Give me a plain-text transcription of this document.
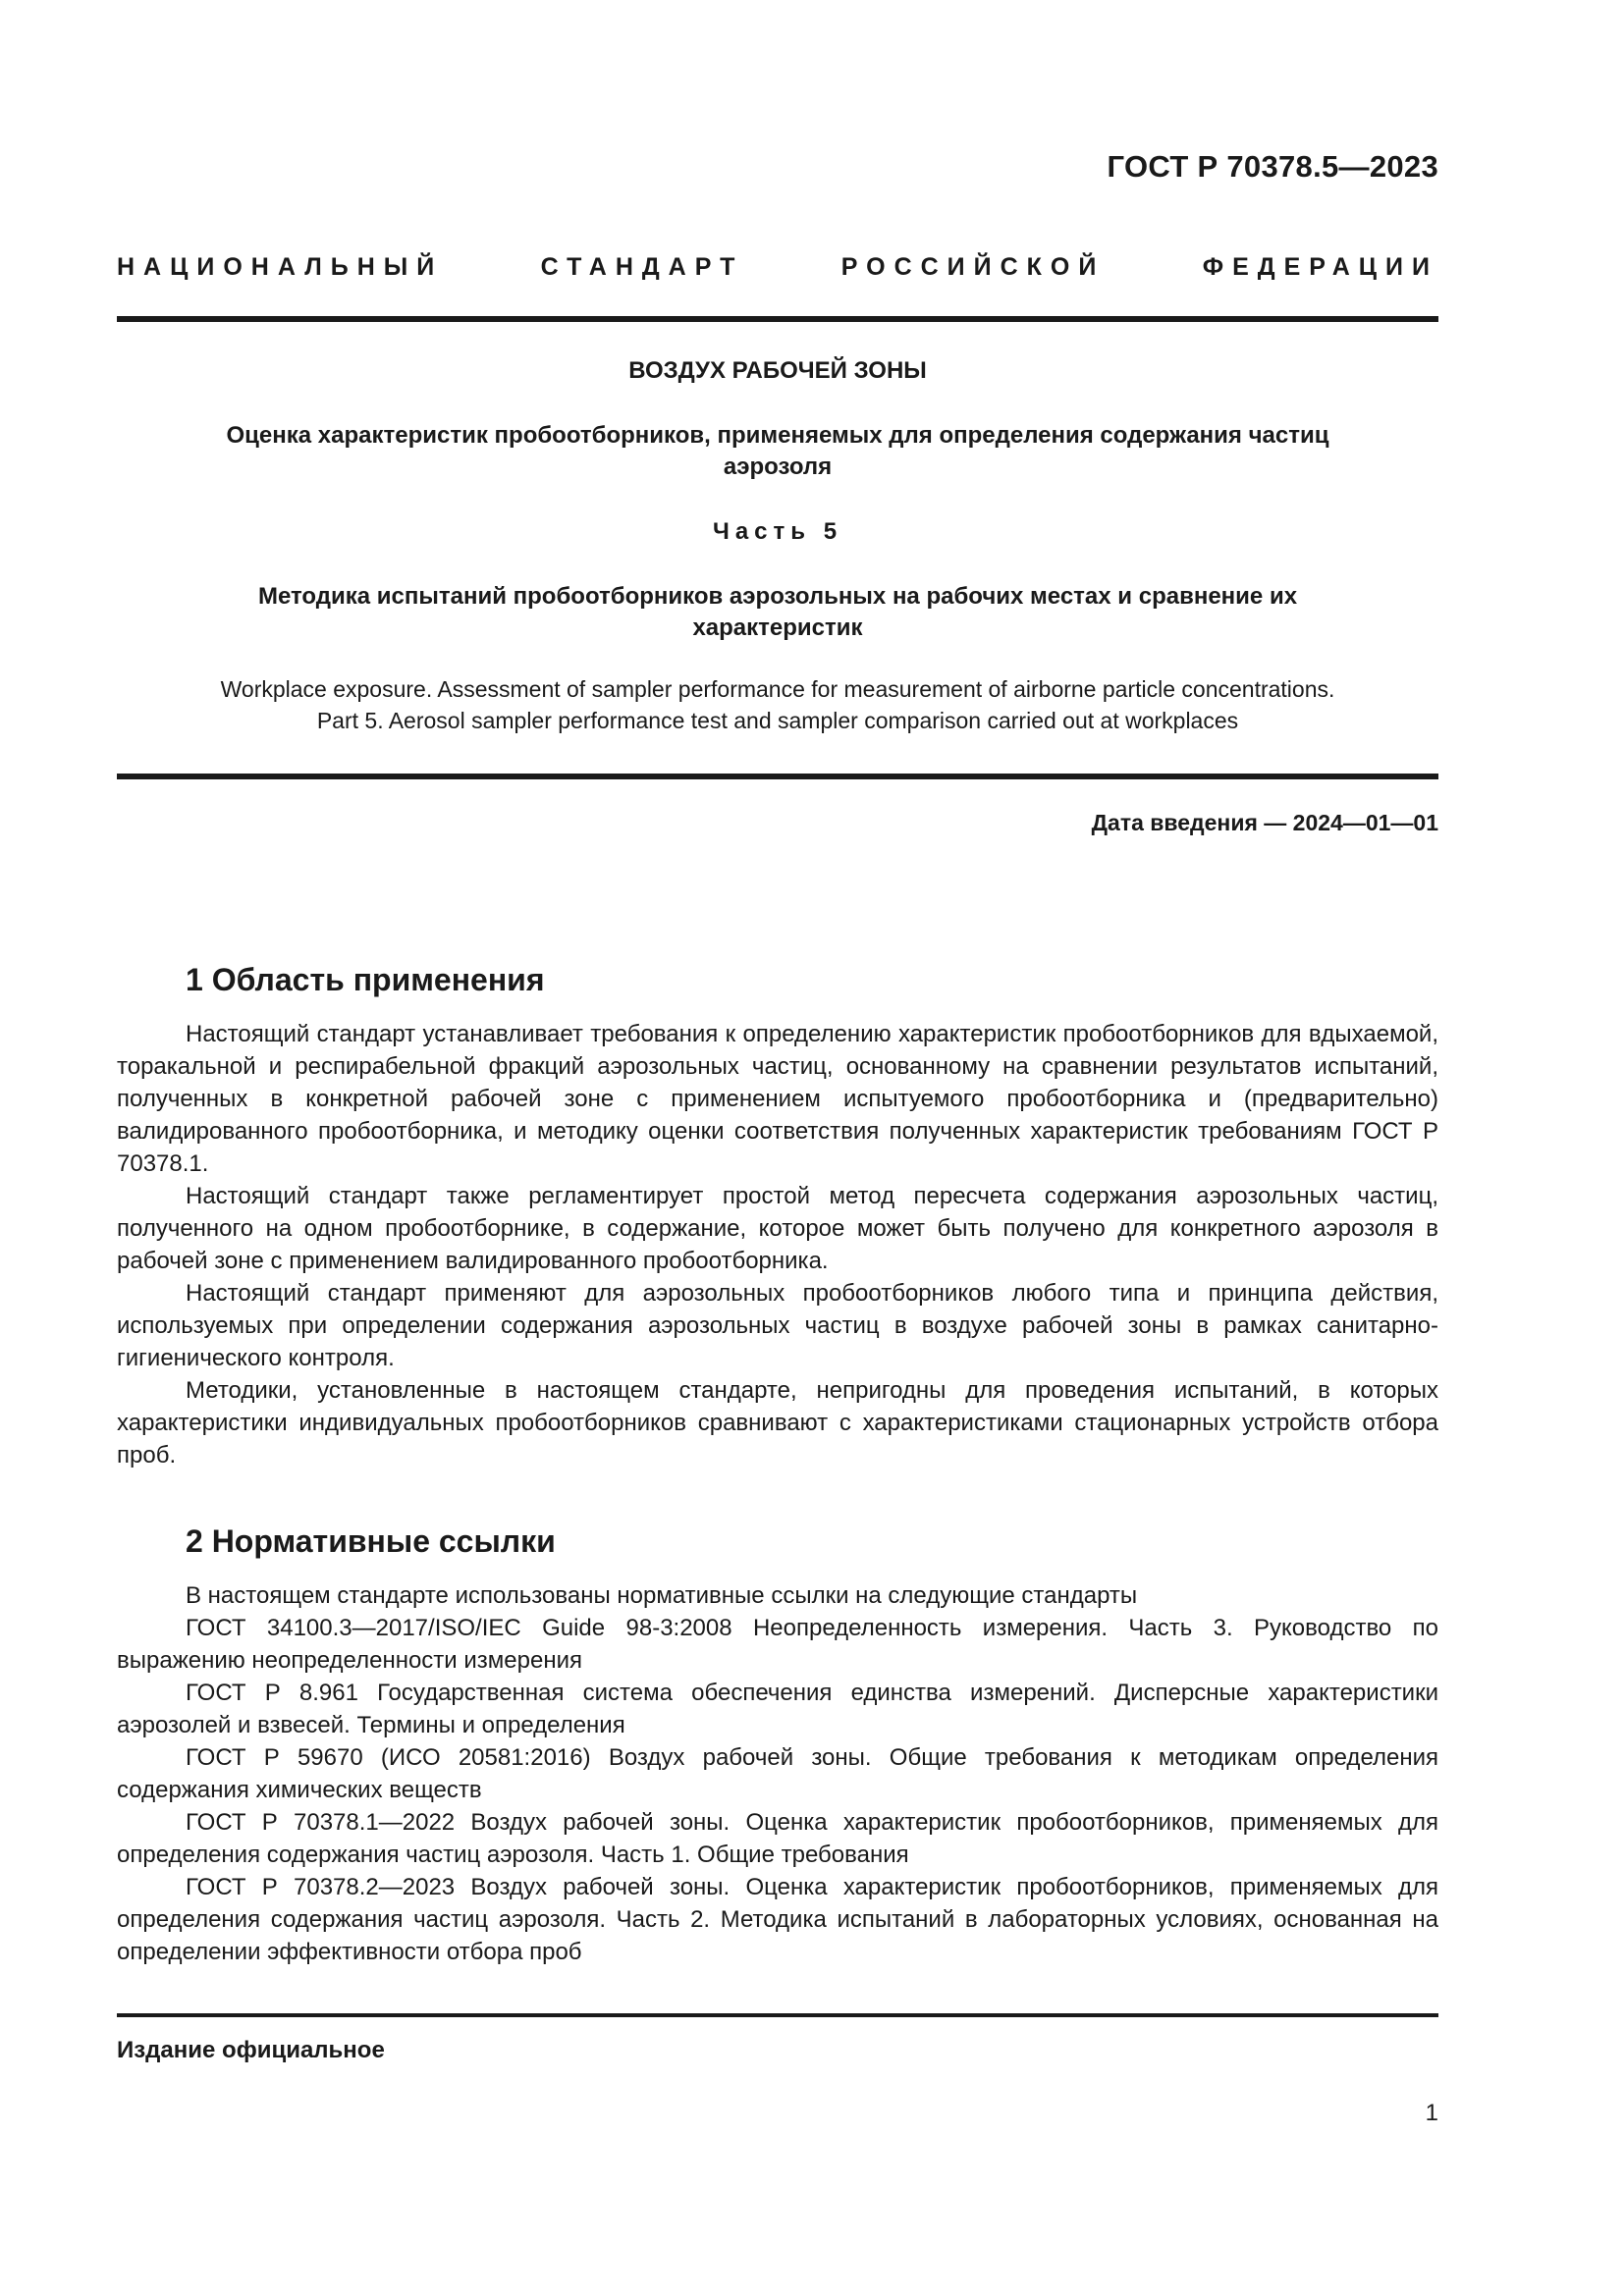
ГОСТ Р 70378.5—2023
НАЦИОНАЛЬНЫЙ СТАНДАРТ РОССИЙСКОЙ ФЕДЕРАЦИИ
ВОЗДУХ РАБОЧЕЙ ЗОНЫ
Оценка характеристик пробоотборников, применяемых для определения содержания частиц аэрозоля
Часть 5
Методика испытаний пробоотборников аэрозольных на рабочих местах и сравнение их характеристик
Workplace exposure. Assessment of sampler performance for measurement of airborne particle concentrations.
Part 5. Aerosol sampler performance test and sampler comparison carried out at workplaces
Дата введения — 2024—01—01
1 Область применения

Настоящий стандарт устанавливает требования к определению характеристик пробоотборников для вдыхаемой, торакальной и респирабельной фракций аэрозольных частиц, основанному на сравнении результатов испытаний, полученных в конкретной рабочей зоне с применением испытуемого пробоотборника и (предварительно) валидированного пробоотборника, и методику оценки соответствия полученных характеристик требованиям ГОСТ Р 70378.1.

Настоящий стандарт также регламентирует простой метод пересчета содержания аэрозольных частиц, полученного на одном пробоотборнике, в содержание, которое может быть получено для конкретного аэрозоля в рабочей зоне с применением валидированного пробоотборника.

Настоящий стандарт применяют для аэрозольных пробоотборников любого типа и принципа действия, используемых при определении содержания аэрозольных частиц в воздухе рабочей зоны в рамках санитарно-гигиенического контроля.

Методики, установленные в настоящем стандарте, непригодны для проведения испытаний, в которых характеристики индивидуальных пробоотборников сравнивают с характеристиками стационарных устройств отбора проб.

2 Нормативные ссылки

В настоящем стандарте использованы нормативные ссылки на следующие стандарты

ГОСТ 34100.3—2017/ISO/IEC Guide 98-3:2008 Неопределенность измерения. Часть 3. Руководство по выражению неопределенности измерения

ГОСТ Р 8.961 Государственная система обеспечения единства измерений. Дисперсные характеристики аэрозолей и взвесей. Термины и определения

ГОСТ Р 59670 (ИСО 20581:2016) Воздух рабочей зоны. Общие требования к методикам определения содержания химических веществ

ГОСТ Р 70378.1—2022 Воздух рабочей зоны. Оценка характеристик пробоотборников, применяемых для определения содержания частиц аэрозоля. Часть 1. Общие требования

ГОСТ Р 70378.2—2023 Воздух рабочей зоны. Оценка характеристик пробоотборников, применяемых для определения содержания частиц аэрозоля. Часть 2. Методика испытаний в лабораторных условиях, основанная на определении эффективности отбора проб

Издание официальное
1
